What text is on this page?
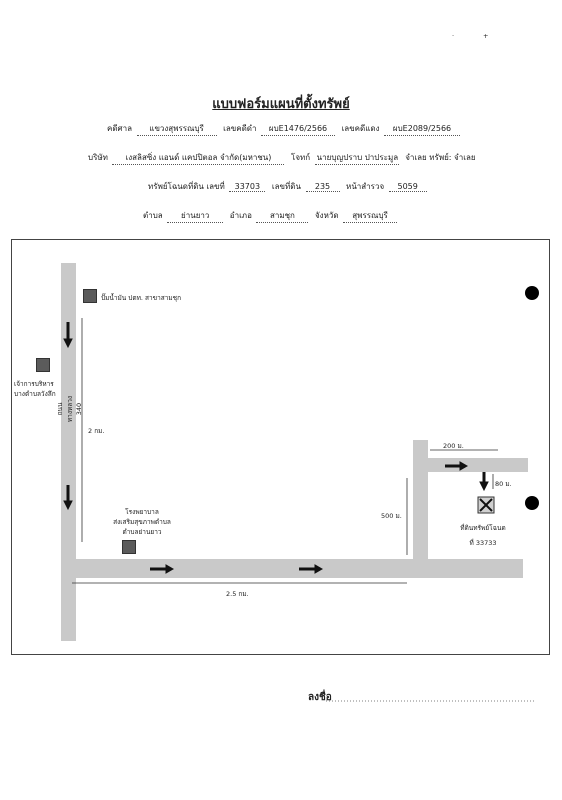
·	+
แบบฟอร์มแผนที่ตั้งทรัพย์
คดีศาล แขวงสุพรรณบุรี เลขคดีดำ ผบE1476/2566 เลขคดีแดง ผบE2089/2566
บริษัท เงสลิสซิ่ง แอนด์ แคปปิตอล จำกัด(มหาชน) โจทก์ นายบุญปราบ ปาประมูล จำเลย ทรัพย์: จำเลย
ทรัพย์โฉนดที่ดิน เลขที่ 33703 เลขที่ดิน 235 หน้าสำรวจ 5059
ตำบล ย่านยาว	อำเภอ สามชุก	จังหวัด สุพรรณบุรี
ถนนทางหลวง 340
ปั๊มน้ำมัน ปตท. สาขาสามชุก
เจ้าการบริหาร
บางตำบลวังลึก
2 กม.
โรงพยาบาล
ส่งเสริมสุขภาพตำบล
ตำบลย่านยาว
2.5 กม.
500 ม.
200 ม.
80 ม.
ที่ดินทรัพย์โฉนด
ที่ 33733
ลงชื่อ
